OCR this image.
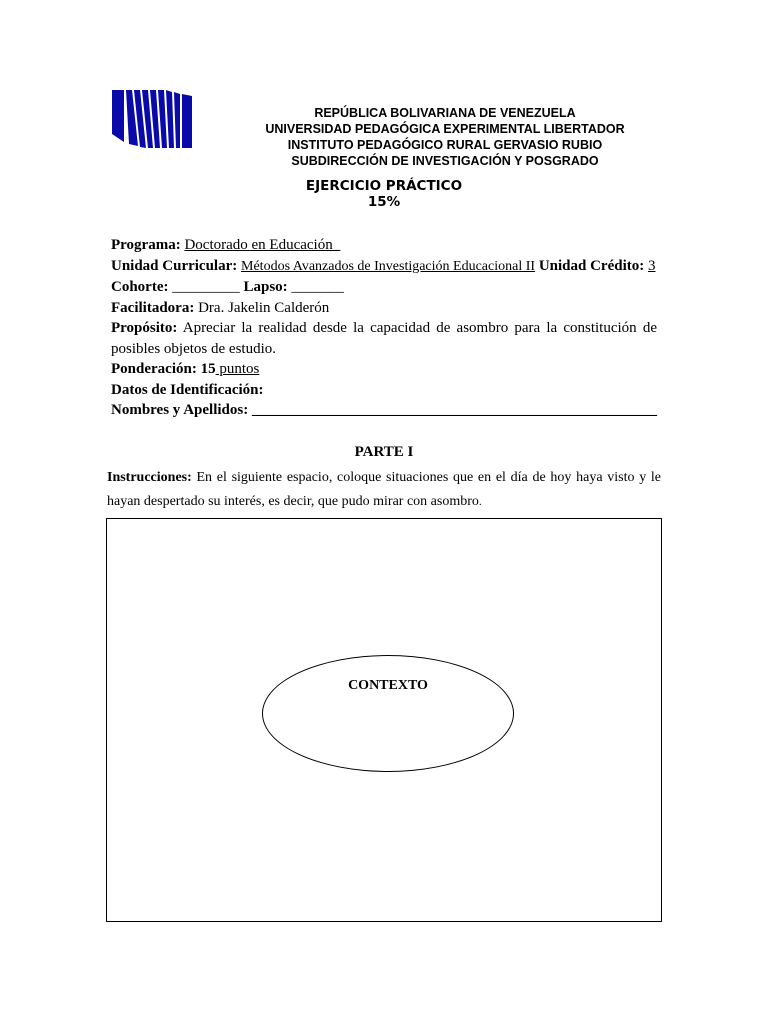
REPÚBLICA BOLIVARIANA DE VENEZUELA
UNIVERSIDAD PEDAGÓGICA EXPERIMENTAL LIBERTADOR
INSTITUTO PEDAGÓGICO RURAL GERVASIO RUBIO
SUBDIRECCIÓN DE INVESTIGACIÓN Y POSGRADO
EJERCICIO PRÁCTICO
15%
Programa: Doctorado en Educación_
Unidad Curricular: Métodos Avanzados de Investigación Educacional II Unidad Crédito: 3
Cohorte: _________ Lapso: _______
Facilitadora: Dra. Jakelin Calderón
Propósito: Apreciar la realidad desde la capacidad de asombro para la constitución de posibles objetos de estudio.
Ponderación: 15 puntos
Datos de Identificación:
Nombres y Apellidos: ______________________________________________________
PARTE I
Instrucciones: En el siguiente espacio, coloque situaciones que en el día de hoy haya visto y le hayan despertado su interés, es decir, que pudo mirar con asombro.
CONTEXTO
